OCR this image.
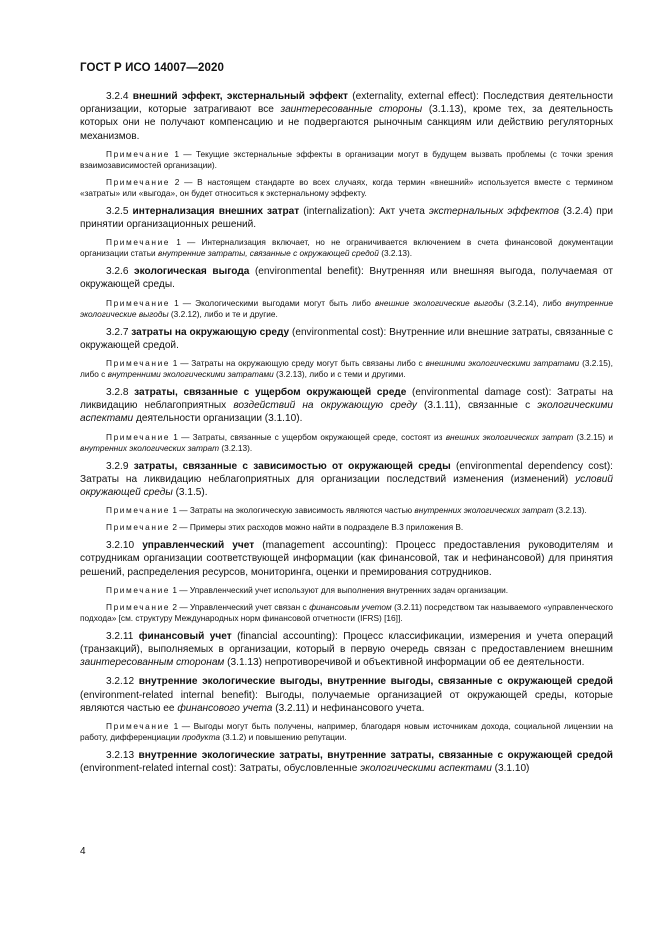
ГОСТ Р ИСО 14007—2020

3.2.4 внешний эффект, экстернальный эффект (externality, external effect): Последствия деятельности организации, которые затрагивают все заинтересованные стороны (3.1.13), кроме тех, за деятельность которых они не получают компенсацию и не подвергаются рыночным санкциям или действию регуляторных механизмов.

Примечание 1 — Текущие экстернальные эффекты в организации могут в будущем вызвать проблемы (с точки зрения взаимозависимостей организации).

Примечание 2 — В настоящем стандарте во всех случаях, когда термин «внешний» используется вместе с термином «затраты» или «выгода», он будет относиться к экстернальному эффекту.

3.2.5 интернализация внешних затрат (internalization): Акт учета экстернальных эффектов (3.2.4) при принятии организационных решений.

Примечание 1 — Интернализация включает, но не ограничивается включением в счета финансовой документации организации статьи внутренние затраты, связанные с окружающей средой (3.2.13).

3.2.6 экологическая выгода (environmental benefit): Внутренняя или внешняя выгода, получаемая от окружающей среды.

Примечание 1 — Экологическими выгодами могут быть либо внешние экологические выгоды (3.2.14), либо внутренние экологические выгоды (3.2.12), либо и те и другие.

3.2.7 затраты на окружающую среду (environmental cost): Внутренние или внешние затраты, связанные с окружающей средой.

Примечание 1 — Затраты на окружающую среду могут быть связаны либо с внешними экологическими затратами (3.2.15), либо с внутренними экологическими затратами (3.2.13), либо и с теми и другими.

3.2.8 затраты, связанные с ущербом окружающей среде (environmental damage cost): Затраты на ликвидацию неблагоприятных воздействий на окружающую среду (3.1.11), связанные с экологическими аспектами деятельности организации (3.1.10).

Примечание 1 — Затраты, связанные с ущербом окружающей среде, состоят из внешних экологических затрат (3.2.15) и внутренних экологических затрат (3.2.13).

3.2.9 затраты, связанные с зависимостью от окружающей среды (environmental dependency cost): Затраты на ликвидацию неблагоприятных для организации последствий изменения (изменений) условий окружающей среды (3.1.5).

Примечание 1 — Затраты на экологическую зависимость являются частью внутренних экологических затрат (3.2.13).

Примечание 2 — Примеры этих расходов можно найти в подразделе В.3 приложения В.

3.2.10 управленческий учет (management accounting): Процесс предоставления руководителям и сотрудникам организации соответствующей информации (как финансовой, так и нефинансовой) для принятия решений, распределения ресурсов, мониторинга, оценки и премирования сотрудников.

Примечание 1 — Управленческий учет используют для выполнения внутренних задач организации.

Примечание 2 — Управленческий учет связан с финансовым учетом (3.2.11) посредством так называемого «управленческого подхода» [см. структуру Международных норм финансовой отчетности (IFRS) [16]].

3.2.11 финансовый учет (financial accounting): Процесс классификации, измерения и учета операций (транзакций), выполняемых в организации, который в первую очередь связан с предоставлением внешним заинтересованным сторонам (3.1.13) непротиворечивой и объективной информации об ее деятельности.

3.2.12 внутренние экологические выгоды, внутренние выгоды, связанные с окружающей средой (environment-related internal benefit): Выгоды, получаемые организацией от окружающей среды, которые являются частью ее финансового учета (3.2.11) и нефинансового учета.

Примечание 1 — Выгоды могут быть получены, например, благодаря новым источникам дохода, социальной лицензии на работу, дифференциации продукта (3.1.2) и повышению репутации.

3.2.13 внутренние экологические затраты, внутренние затраты, связанные с окружающей средой (environment-related internal cost): Затраты, обусловленные экологическими аспектами (3.1.10)

4
